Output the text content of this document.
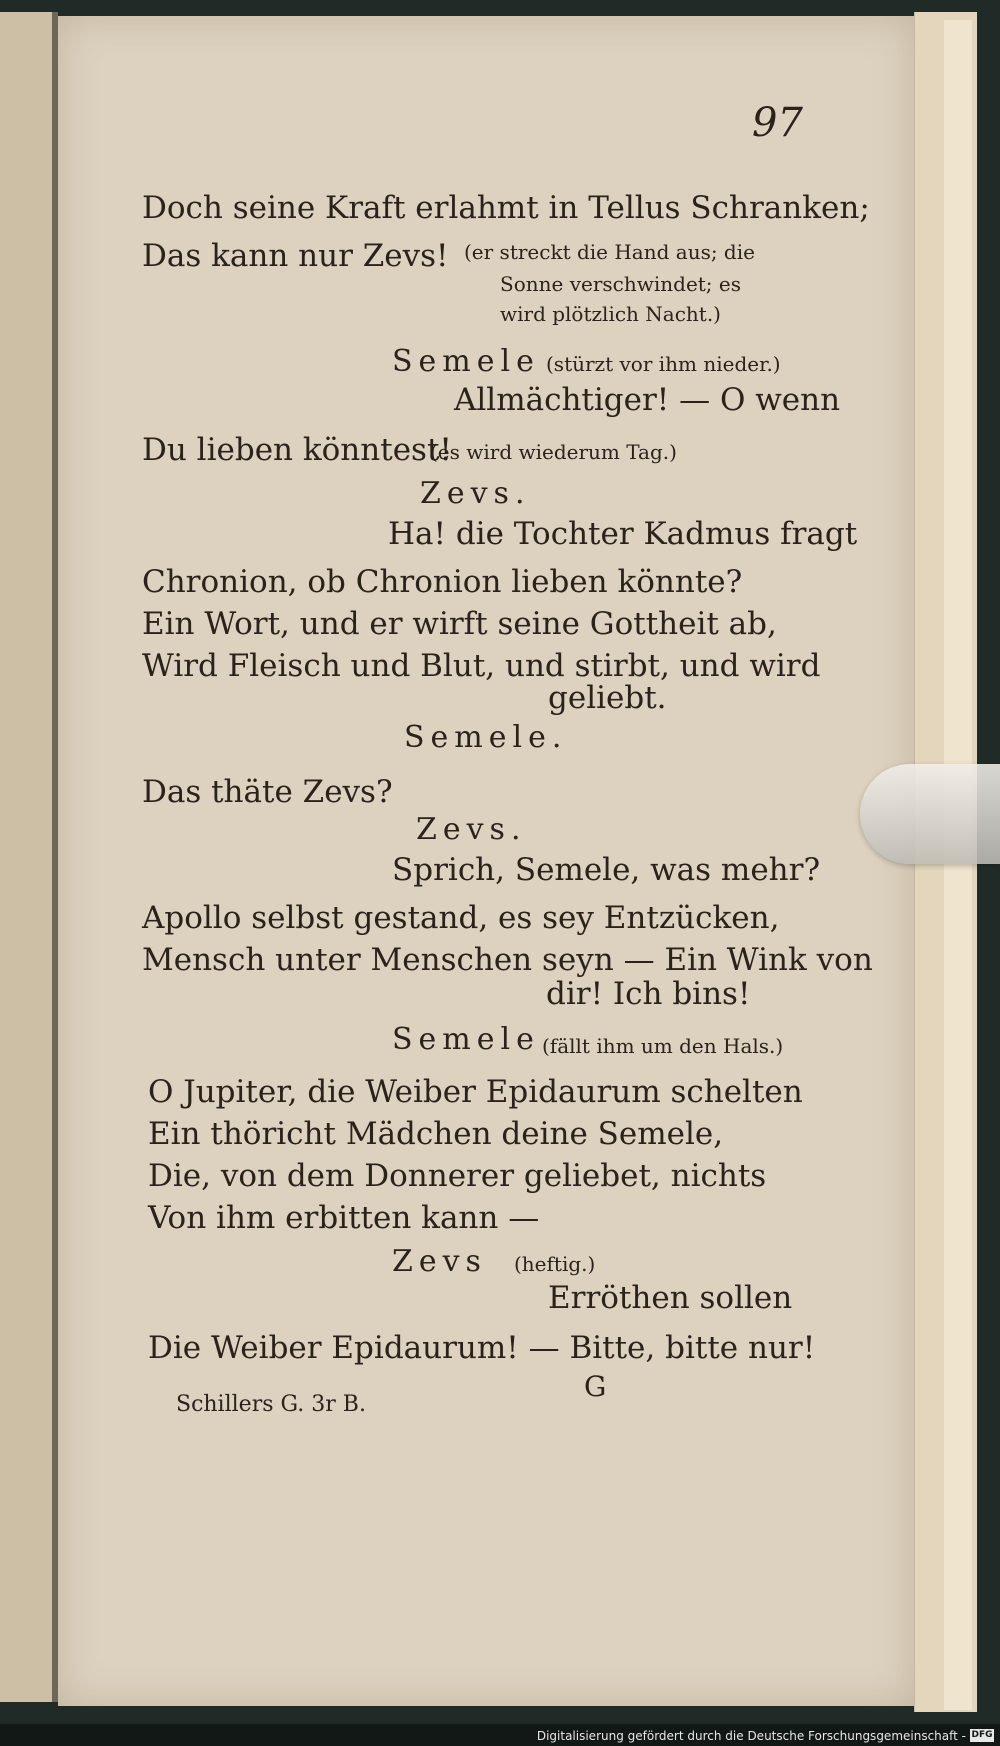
97
Doch seine Kraft erlahmt in Tellus Schranken;
Das kann nur Zevs! (er streckt die Hand aus; die
Sonne verschwindet; es
wird plötzlich Nacht.)
Semele (stürzt vor ihm nieder.)
Allmächtiger! — O wenn
Du lieben könntest!
(es wird wiederum Tag.)
Zevs.
Ha! die Tochter Kadmus fragt
Chronion, ob Chronion lieben könnte?
Ein Wort, und er wirft seine Gottheit ab,
Wird Fleisch und Blut, und stirbt, und wird
geliebt.
Semele.
Das thäte Zevs?
Zevs.
Sprich, Semele, was mehr?
Apollo selbst gestand, es sey Entzücken,
Mensch unter Menschen seyn — Ein Wink von
dir! Ich bins!
Semele (fällt ihm um den Hals.)
O Jupiter, die Weiber Epidaurum schelten
Ein thöricht Mädchen deine Semele,
Die, von dem Donnerer geliebet, nichts
Von ihm erbitten kann —
Zevs (heftig.)
Erröthen sollen
Die Weiber Epidaurum! — Bitte, bitte nur!
Schillers G. 3r B.
G
Digitalisierung gefördert durch die Deutsche Forschungsgemeinschaft - DFG
